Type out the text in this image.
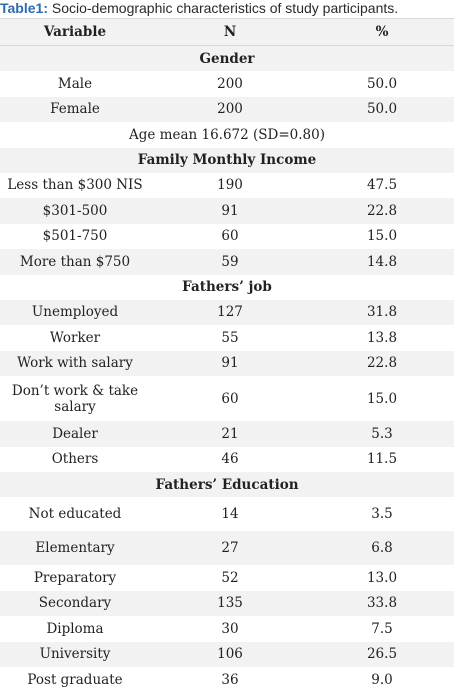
Table1: Socio-demographic characteristics of study participants.
Variable	N	%
Gender
Male	200	50.0
Female	200	50.0
Age mean 16.672 (SD=0.80)
Family Monthly Income
Less than $300 NIS	190	47.5
$301-500	91	22.8
$501-750	60	15.0
More than $750	59	14.8
Fathers’ job
Unemployed	127	31.8
Worker	55	13.8
Work with salary	91	22.8
Don’t work & take salary	60	15.0
Dealer	21	5.3
Others	46	11.5
Fathers’ Education
Not educated	14	3.5
Elementary	27	6.8
Preparatory	52	13.0
Secondary	135	33.8
Diploma	30	7.5
University	106	26.5
Post graduate	36	9.0
